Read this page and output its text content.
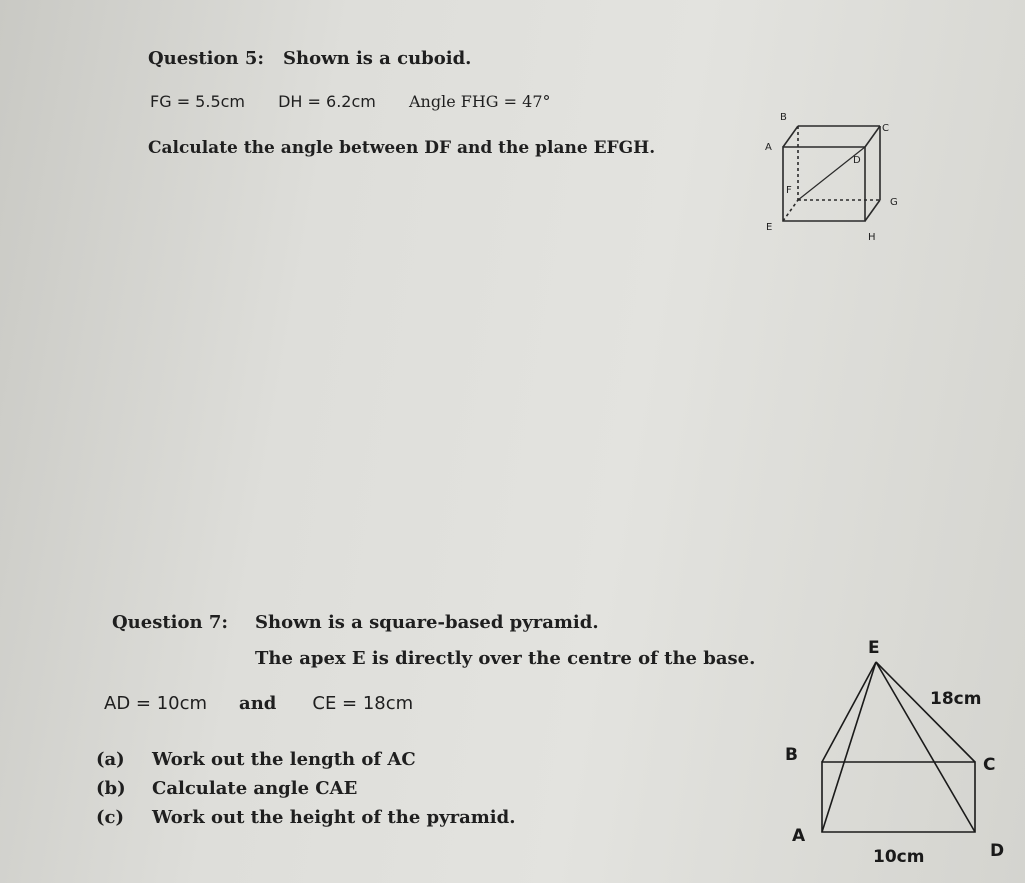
Question 5: Shown is a cuboid.
FG = 5.5cm DH = 6.2cm Angle FHG = 47°
Calculate the angle between DF and the plane EFGH.
B
C
A
D
F
G
E
H
E
18cm
B	C
A
10cm	D
Question 7: Shown is a square-based pyramid.
The apex E is directly over the centre of the base.
AD = 10cm and CE = 18cm
(a) Work out the length of AC
(b) Calculate angle CAE
(c) Work out the height of the pyramid.
